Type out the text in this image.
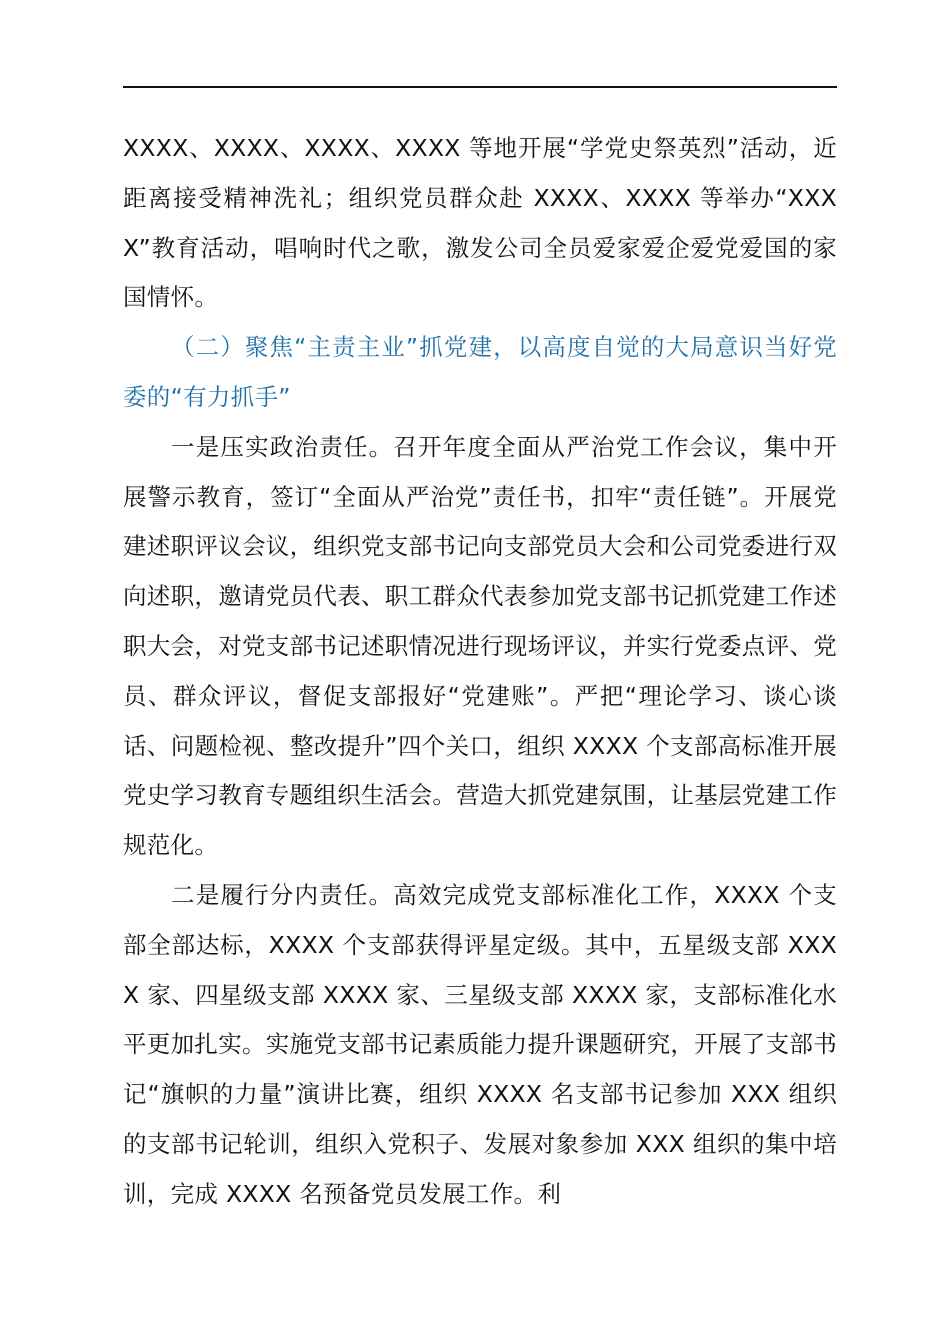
XXXX、XXXX、XXXX、XXXX 等地开展“学党史祭英烈”活动，近距离接受精神洗礼；组织党员群众赴 XXXX、XXXX 等举办“XXXX”教育活动，唱响时代之歌，激发公司全员爱家爱企爱党爱国的家国情怀。

（二）聚焦“主责主业”抓党建，以高度自觉的大局意识当好党委的“有力抓手”

一是压实政治责任。召开年度全面从严治党工作会议，集中开展警示教育，签订“全面从严治党”责任书，扣牢“责任链”。开展党建述职评议会议，组织党支部书记向支部党员大会和公司党委进行双向述职，邀请党员代表、职工群众代表参加党支部书记抓党建工作述职大会，对党支部书记述职情况进行现场评议，并实行党委点评、党员、群众评议，督促支部报好“党建账”。严把“理论学习、谈心谈话、问题检视、整改提升”四个关口，组织 XXXX 个支部高标准开展党史学习教育专题组织生活会。营造大抓党建氛围，让基层党建工作规范化。

二是履行分内责任。高效完成党支部标准化工作，XXXX 个支部全部达标，XXXX 个支部获得评星定级。其中，五星级支部 XXXX 家、四星级支部 XXXX 家、三星级支部 XXXX 家，支部标准化水平更加扎实。实施党支部书记素质能力提升课题研究，开展了支部书记“旗帜的力量”演讲比赛，组织 XXXX 名支部书记参加 XXX 组织的支部书记轮训，组织入党积子、发展对象参加 XXX 组织的集中培训，完成 XXXX 名预备党员发展工作。利
